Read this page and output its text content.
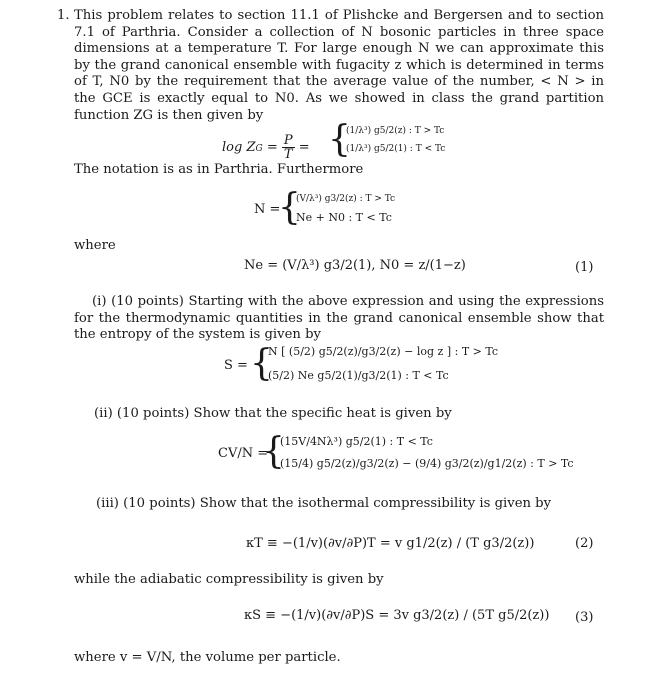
1. This problem relates to section 11.1 of Plishcke and Bergersen and to section 7.1 of Parthria. Consider a collection of N bosonic particles in three space dimensions at a temperature T. For large enough N we can approximate this by the grand canonical ensemble with fugacity z which is determined in terms of T, N0 by the requirement that the average value of the number, < N > in the GCE is exactly equal to N0. As we showed in class the grand partition function ZG is then given by

log ZG = $\frac{P}{T}$ = {
(1/λ³) g5/2(z) : T > Tc
(1/λ³) g5/2(1) : T < Tc

The notation is as in Parthria. Furthermore

N =
{
(V/λ³) g3/2(z) : T > Tc
Ne + N0 : T < Tc

where

Ne = (V/λ³) g3/2(1), N0 = z/(1−z)	(1)

(i) (10 points) Starting with the above expression and using the expressions for the thermodynamic quantities in the grand canonical ensemble show that the entropy of the system is given by

S = {
N [ (5/2) g5/2(z)/g3/2(z) − log z ] : T > Tc
(5/2) Ne g5/2(1)/g3/2(1) : T < Tc

(ii) (10 points) Show that the specific heat is given by

CV/N =
{
(15V/4Nλ³) g5/2(1) : T < Tc
(15/4) g5/2(z)/g3/2(z) − (9/4) g3/2(z)/g1/2(z) : T > Tc

(iii) (10 points) Show that the isothermal compressibility is given by

κT ≡ −(1/v)(∂v/∂P)T = v g1/2(z) / (T g3/2(z))	(2)

while the adiabatic compressibility is given by

κS ≡ −(1/v)(∂v/∂P)S = 3v g3/2(z) / (5T g5/2(z)) (3)

where v = V/N, the volume per particle.
